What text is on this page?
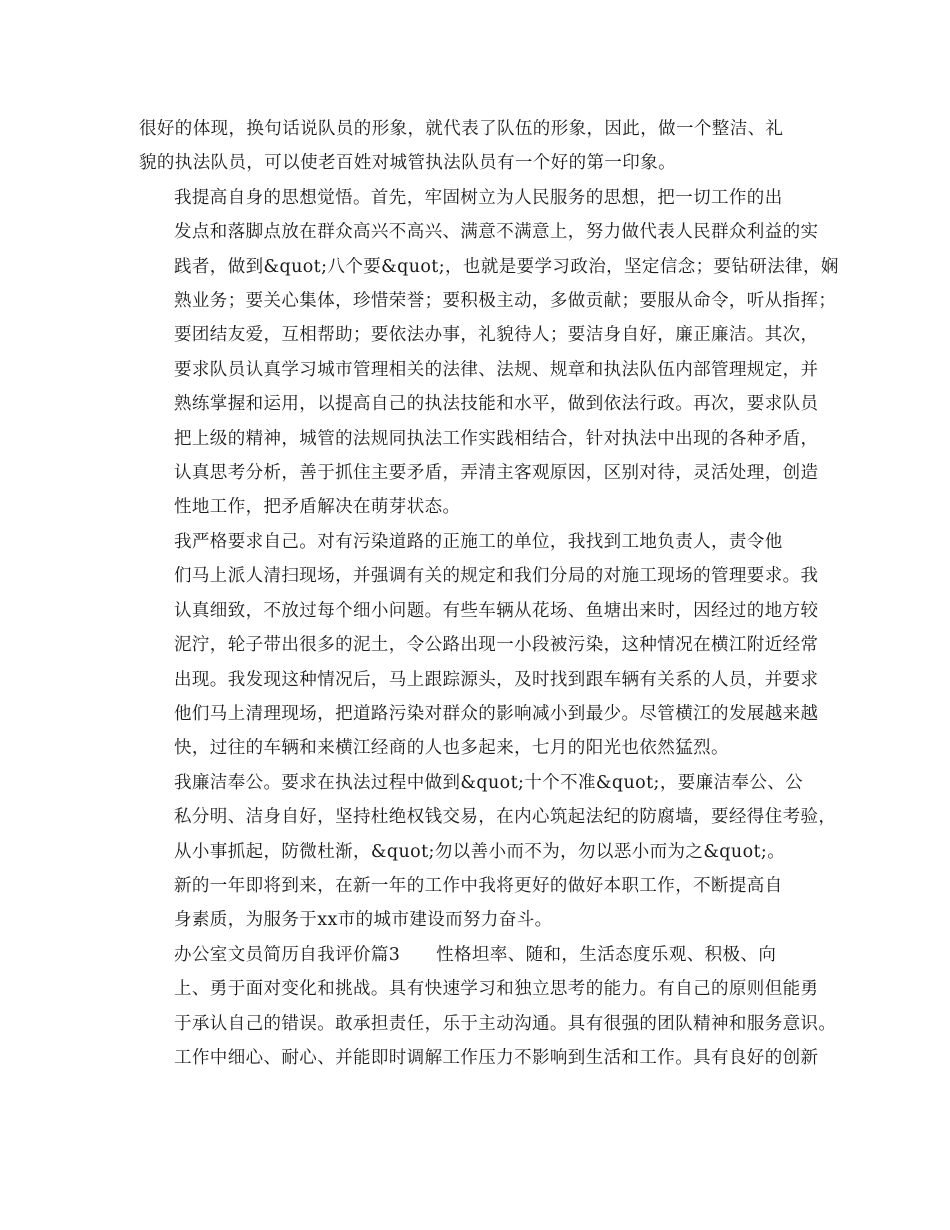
很好的体现，换句话说队员的形象，就代表了队伍的形象，因此，做一个整洁、礼
貌的执法队员，可以使老百姓对城管执法队员有一个好的第一印象。

我提高自身的思想觉悟。首先，牢固树立为人民服务的思想，把一切工作的出
发点和落脚点放在群众高兴不高兴、满意不满意上，努力做代表人民群众利益的实
践者，做到&quot;八个要&quot;，也就是要学习政治，坚定信念；要钻研法律，娴
熟业务；要关心集体，珍惜荣誉；要积极主动，多做贡献；要服从命令，听从指挥；
要团结友爱，互相帮助；要依法办事，礼貌待人；要洁身自好，廉正廉洁。其次，
要求队员认真学习城市管理相关的法律、法规、规章和执法队伍内部管理规定，并
熟练掌握和运用，以提高自己的执法技能和水平，做到依法行政。再次，要求队员
把上级的精神，城管的法规同执法工作实践相结合，针对执法中出现的各种矛盾，
认真思考分析，善于抓住主要矛盾，弄清主客观原因，区别对待，灵活处理，创造
性地工作，把矛盾解决在萌芽状态。

我严格要求自己。对有污染道路的正施工的单位，我找到工地负责人，责令他
们马上派人清扫现场，并强调有关的规定和我们分局的对施工现场的管理要求。我
认真细致，不放过每个细小问题。有些车辆从花场、鱼塘出来时，因经过的地方较
泥泞，轮子带出很多的泥土，令公路出现一小段被污染，这种情况在横江附近经常
出现。我发现这种情况后，马上跟踪源头，及时找到跟车辆有关系的人员，并要求
他们马上清理现场，把道路污染对群众的影响减小到最少。尽管横江的发展越来越
快，过往的车辆和来横江经商的人也多起来，七月的阳光也依然猛烈。

我廉洁奉公。要求在执法过程中做到&quot;十个不准&quot;，要廉洁奉公、公
私分明、洁身自好，坚持杜绝权钱交易，在内心筑起法纪的防腐墙，要经得住考验，
从小事抓起，防微杜渐，&quot;勿以善小而不为，勿以恶小而为之&quot;。

新的一年即将到来，在新一年的工作中我将更好的做好本职工作，不断提高自
身素质，为服务于xx市的城市建设而努力奋斗。

办公室文员简历自我评价篇3　　性格坦率、随和，生活态度乐观、积极、向
上、勇于面对变化和挑战。具有快速学习和独立思考的能力。有自己的原则但能勇
于承认自己的错误。敢承担责任，乐于主动沟通。具有很强的团队精神和服务意识。
工作中细心、耐心、并能即时调解工作压力不影响到生活和工作。具有良好的创新
